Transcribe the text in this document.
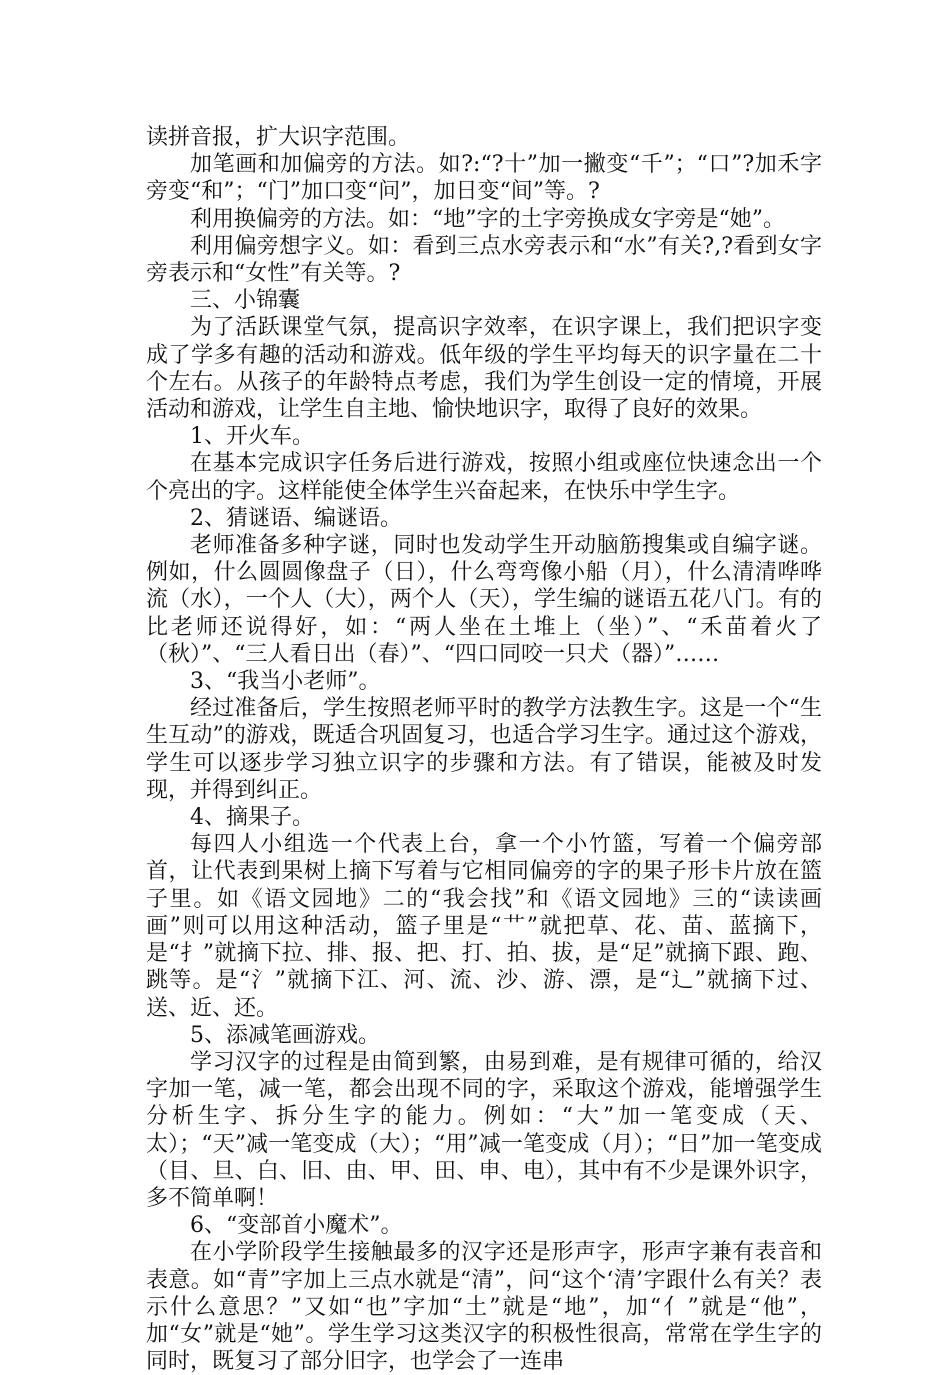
读拼音报，扩大识字范围。

加笔画和加偏旁的方法。如?:“?十”加一撇变“千”；“口”?加禾字旁变“和”；“门”加口变“问”，加日变“间”等。?

利用换偏旁的方法。如：“地”字的土字旁换成女字旁是“她”。

利用偏旁想字义。如：看到三点水旁表示和“水”有关?,?看到女字旁表示和“女性”有关等。?

三、小锦囊

为了活跃课堂气氛，提高识字效率，在识字课上，我们把识字变成了学多有趣的活动和游戏。低年级的学生平均每天的识字量在二十个左右。从孩子的年龄特点考虑，我们为学生创设一定的情境，开展活动和游戏，让学生自主地、愉快地识字，取得了良好的效果。

1、开火车。

在基本完成识字任务后进行游戏，按照小组或座位快速念出一个个亮出的字。这样能使全体学生兴奋起来，在快乐中学生字。

2、猜谜语、编谜语。

老师准备多种字谜，同时也发动学生开动脑筋搜集或自编字谜。例如，什么圆圆像盘子（日），什么弯弯像小船（月），什么清清哗哗流（水），一个人（大），两个人（天），学生编的谜语五花八门。有的比老师还说得好，如：“两人坐在土堆上（坐）”、“禾苗着火了（秋）”、“三人看日出（春）”、“四口同咬一只犬（器）”……

3、“我当小老师”。

经过准备后，学生按照老师平时的教学方法教生字。这是一个“生生互动”的游戏，既适合巩固复习，也适合学习生字。通过这个游戏，学生可以逐步学习独立识字的步骤和方法。有了错误，能被及时发现，并得到纠正。

4、摘果子。

每四人小组选一个代表上台，拿一个小竹篮，写着一个偏旁部首，让代表到果树上摘下写着与它相同偏旁的字的果子形卡片放在篮子里。如《语文园地》二的“我会找”和《语文园地》三的“读读画画”则可以用这种活动，篮子里是“艹”就把草、花、苗、蓝摘下，是“扌”就摘下拉、排、报、把、打、拍、拔，是“足”就摘下跟、跑、跳等。是“氵”就摘下江、河、流、沙、游、漂，是“辶”就摘下过、送、近、还。

5、添减笔画游戏。

学习汉字的过程是由简到繁，由易到难，是有规律可循的，给汉字加一笔，减一笔，都会出现不同的字，采取这个游戏，能增强学生分析生字、拆分生字的能力。例如：“大”加一笔变成（天、太）；“天”减一笔变成（大）；“用”减一笔变成（月）；“日”加一笔变成（目、旦、白、旧、由、甲、田、申、电），其中有不少是课外识字，多不简单啊！

6、“变部首小魔术”。

在小学阶段学生接触最多的汉字还是形声字，形声字兼有表音和表意。如“青”字加上三点水就是“清”，问“这个‘清’字跟什么有关？表示什么意思？”又如“也”字加“土”就是“地”，加“亻”就是“他”，加“女”就是“她”。学生学习这类汉字的积极性很高，常常在学生字的同时，既复习了部分旧字，也学会了一连串
